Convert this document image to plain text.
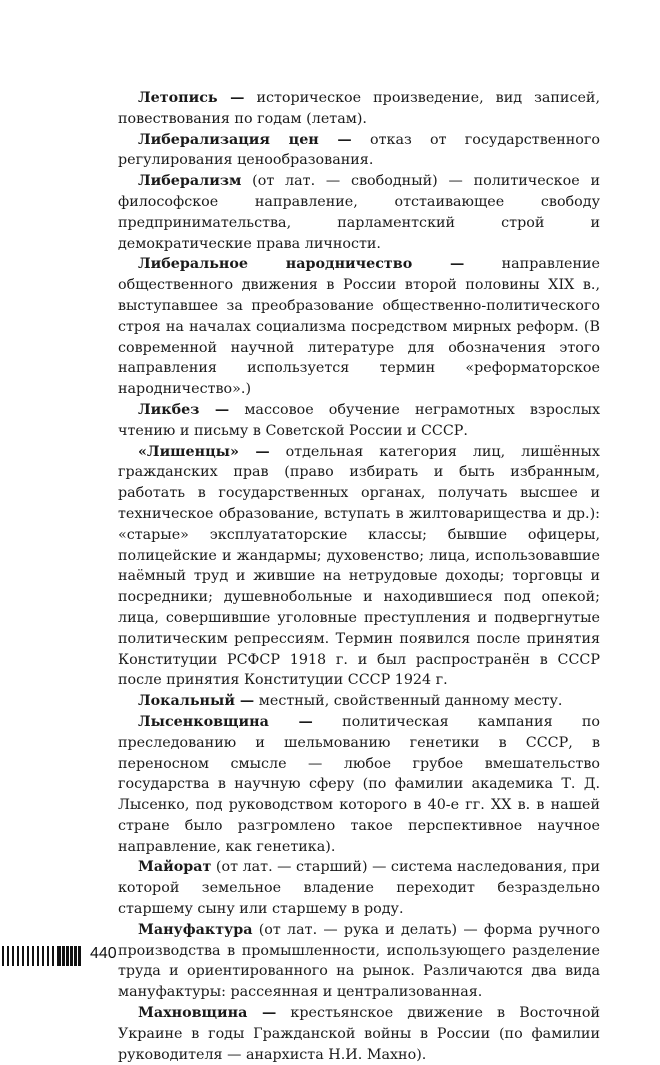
Летопись — историческое произведение, вид записей, повествования по годам (летам).

Либерализация цен — отказ от государственного регулирования ценообразования.

Либерализм (от лат. — свободный) — политическое и философское направление, отстаивающее свободу предпринимательства, парламентский строй и демократические права личности.

Либеральное народничество —	направление общественного движения в России второй половины XIX в., выступавшее за преобразование общественно-политического строя на началах социализма посредством мирных реформ. (В современной научной литературе для обозначения этого направления используется термин «реформаторское народничество».)

Ликбез — массовое обучение неграмотных взрослых чтению и письму в Советской России и СССР.

«Лишенцы» — отдельная категория лиц, лишённых гражданских прав (право избирать и быть избранным, работать в государственных органах, получать высшее и техническое образование, вступать в жилтоварищества и др.): «старые» эксплуататорские классы; бывшие офицеры, полицейские и жандармы; духовенство; лица, использовавшие наёмный труд и жившие на нетрудовые доходы; торговцы и посредники; душевнобольные и находившиеся под опекой; лица, совершившие уголовные преступления и подвергнутые политическим репрессиям. Термин появился после принятия Конституции РСФСР 1918 г. и был распространён в СССР после принятия Конституции СССР 1924 г.

Локальный — местный, свойственный данному месту.

Лысенковщина — политическая кампания по преследованию и шельмованию генетики в СССР, в переносном смысле — любое грубое вмешательство государства в научную сферу (по фамилии академика Т. Д. Лысенко, под руководством которого в 40-е гг. XX в. в нашей стране было разгромлено такое перспективное научное направление, как генетика).

Майорат (от лат. — старший) — система наследования, при которой земельное владение переходит безраздельно старшему сыну или старшему в роду.

Мануфактура (от лат. — рука и делать) — форма ручного производства в промышленности, использующего разделение труда и ориентированного на рынок. Различаются два вида мануфактуры: рассеянная и централизованная.

Махновщина — крестьянское движение в Восточной Украине в годы Гражданской войны в России (по фамилии руководителя — анархиста Н.И. Махно).

440
